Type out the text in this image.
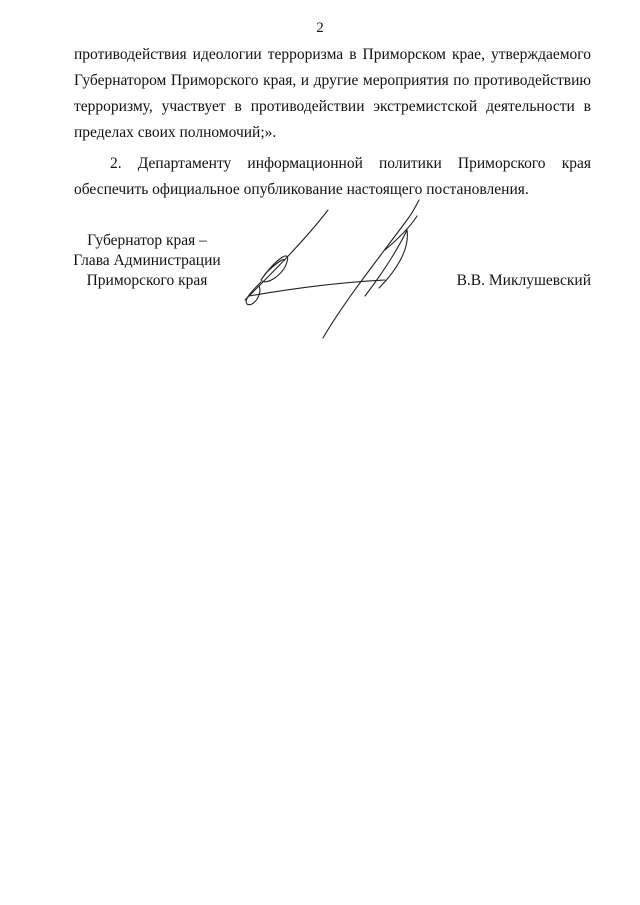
2

противодействия идеологии терроризма в Приморском крае, утверждаемого Губернатором Приморского края, и другие мероприятия по противодействию терроризму, участвует в противодействии экстремистской деятельности в пределах своих полномочий;».

2. Департаменту информационной политики Приморского края обеспечить официальное опубликование настоящего постановления.

Губернатор края –
Глава Администрации
Приморского края	В.В. Миклушевский
